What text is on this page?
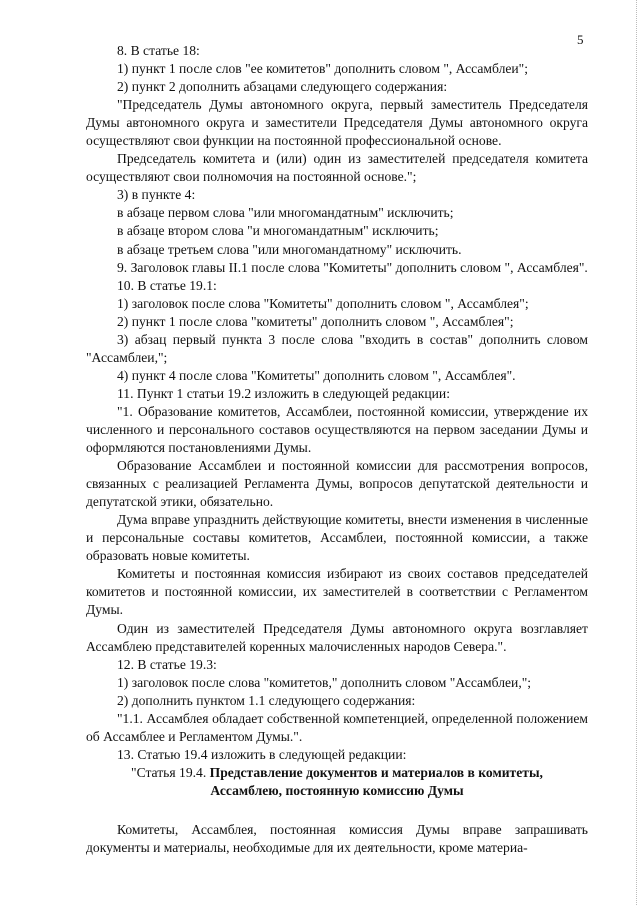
5

8. В статье 18:

1) пункт 1 после слов "ее комитетов" дополнить словом ", Ассамблеи";

2) пункт 2 дополнить абзацами следующего содержания:

"Председатель Думы автономного округа, первый заместитель Председателя Думы автономного округа и заместители Председателя Думы автономного округа осуществляют свои функции на постоянной профессиональной основе.

Председатель комитета и (или) один из заместителей председателя комитета осуществляют свои полномочия на постоянной основе.";

3) в пункте 4:

в абзаце первом слова "или многомандатным" исключить;

в абзаце втором слова "и многомандатным" исключить;

в абзаце третьем слова "или многомандатному" исключить.

9. Заголовок главы II.1 после слова "Комитеты" дополнить словом ", Ассамблея".

10. В статье 19.1:

1) заголовок после слова "Комитеты" дополнить словом ", Ассамблея";

2) пункт 1 после слова "комитеты" дополнить словом ", Ассамблея";

3) абзац первый пункта 3 после слова "входить в состав" дополнить словом "Ассамблеи,";

4) пункт 4 после слова "Комитеты" дополнить словом ", Ассамблея".

11. Пункт 1 статьи 19.2 изложить в следующей редакции:

"1. Образование комитетов, Ассамблеи, постоянной комиссии, утверждение их численного и персонального составов осуществляются на первом заседании Думы и оформляются постановлениями Думы.

Образование Ассамблеи и постоянной комиссии для рассмотрения вопросов, связанных с реализацией Регламента Думы, вопросов депутатской деятельности и депутатской этики, обязательно.

Дума вправе упразднить действующие комитеты, внести изменения в численные и персональные составы комитетов, Ассамблеи, постоянной комиссии, а также образовать новые комитеты.

Комитеты и постоянная комиссия избирают из своих составов председателей комитетов и постоянной комиссии, их заместителей в соответствии с Регламентом Думы.

Один из заместителей Председателя Думы автономного округа возглавляет Ассамблею представителей коренных малочисленных народов Севера.".

12. В статье 19.3:

1) заголовок после слова "комитетов," дополнить словом "Ассамблеи,";

2) дополнить пунктом 1.1 следующего содержания:

"1.1. Ассамблея обладает собственной компетенцией, определенной положением об Ассамблее и Регламентом Думы.".

13. Статью 19.4 изложить в следующей редакции:

"Статья 19.4. Представление документов и материалов в комитеты,
Ассамблею, постоянную комиссию Думы

Комитеты, Ассамблея, постоянная комиссия Думы вправе запрашивать документы и материалы, необходимые для их деятельности, кроме материа-
